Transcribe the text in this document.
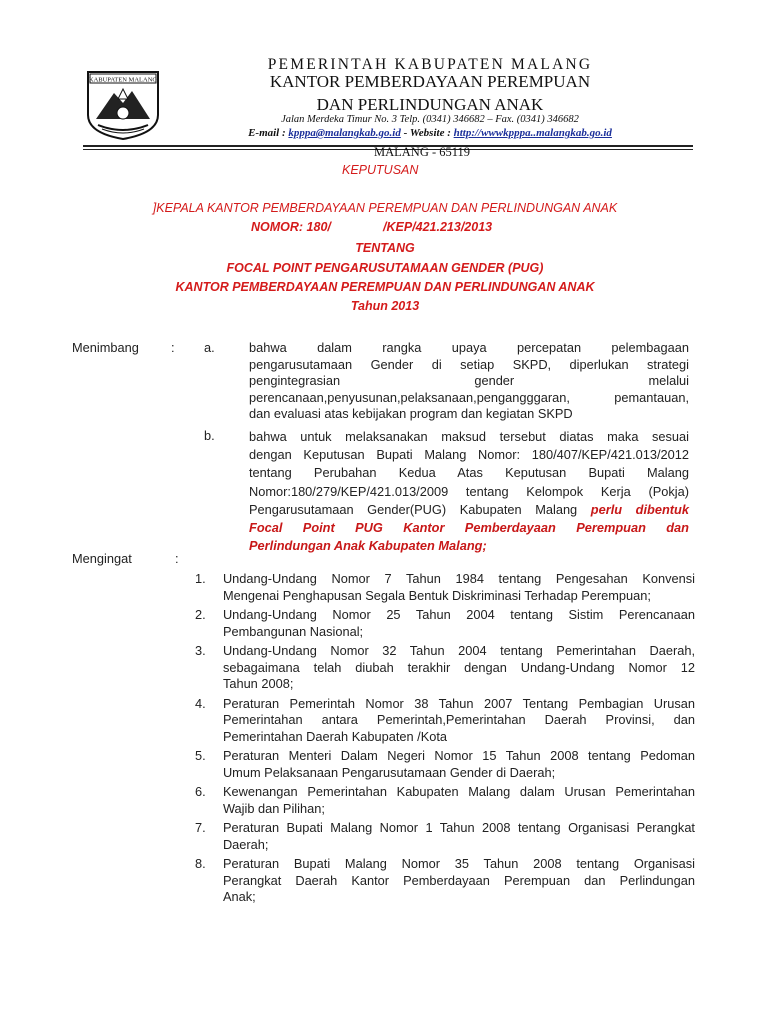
KABUPATEN MALANG
PEMERINTAH KABUPATEN MALANG
KANTOR PEMBERDAYAAN PEREMPUAN
DAN PERLINDUNGAN ANAK
Jalan Merdeka Timur No. 3 Telp. (0341) 346682 – Fax. (0341) 346682
E-mail : kpppa@malangkab.go.id - Website : http://wwwkpppa..malangkab.go.id
MALANG - 65119
KEPUTUSAN
]KEPALA KANTOR PEMBERDAYAAN PEREMPUAN DAN PERLINDUNGAN ANAK
NOMOR: 180/	/KEP/421.213/2013
TENTANG
FOCAL POINT PENGARUSUTAMAAN GENDER (PUG)
KANTOR PEMBERDAYAAN PEREMPUAN DAN PERLINDUNGAN ANAK
Tahun 2013
Menimbang	: a.	bahwa dalam rangka upaya percepatan pelembagaan
pengarusutamaan Gender di setiap SKPD, diperlukan strategi
pengintegrasian gender melalui
perencanaan,penyusunan,pelaksanaan,pengangggaran, pemantauan,
dan evaluasi atas kebijakan program dan kegiatan SKPD
b.	bahwa untuk melaksanakan maksud tersebut diatas maka sesuai
dengan Keputusan Bupati Malang Nomor: 180/407/KEP/421.013/2012
tentang Perubahan Kedua Atas Keputusan Bupati Malang
Nomor:180/279/KEP/421.013/2009 tentang Kelompok Kerja (Pokja)
Pengarusutamaan Gender(PUG) Kabupaten Malang perlu dibentuk
Focal Point PUG Kantor Pemberdayaan Perempuan dan
Perlindungan Anak Kabupaten Malang;
Mengingat	:
1.	Undang-Undang Nomor 7 Tahun 1984 tentang Pengesahan Konvensi
Mengenai Penghapusan Segala Bentuk Diskriminasi Terhadap Perempuan;
2.	Undang-Undang Nomor 25 Tahun 2004 tentang Sistim Perencanaan
Pembangunan Nasional;
3.	Undang-Undang Nomor 32 Tahun 2004 tentang Pemerintahan Daerah,
sebagaimana telah diubah terakhir dengan Undang-Undang Nomor 12
Tahun 2008;
4.	Peraturan Pemerintah Nomor 38 Tahun 2007 Tentang Pembagian Urusan
Pemerintahan antara Pemerintah,Pemerintahan Daerah Provinsi, dan
Pemerintahan Daerah Kabupaten /Kota
5.	Peraturan Menteri Dalam Negeri Nomor 15 Tahun 2008 tentang Pedoman
Umum Pelaksanaan Pengarusutamaan Gender di Daerah;
6.	Kewenangan Pemerintahan Kabupaten Malang dalam Urusan Pemerintahan
Wajib dan Pilihan;
7.	Peraturan Bupati Malang Nomor 1 Tahun 2008 tentang Organisasi Perangkat
Daerah;
8.	Peraturan Bupati Malang Nomor 35 Tahun 2008 tentang Organisasi
Perangkat Daerah Kantor Pemberdayaan Perempuan dan Perlindungan
Anak;
